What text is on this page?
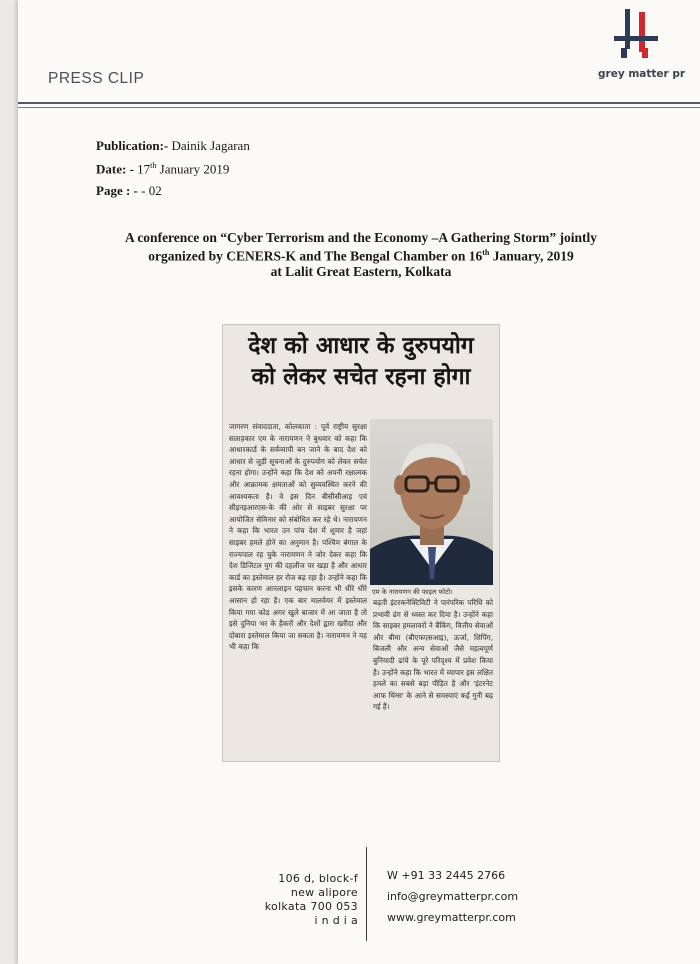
grey matter pr
PRESS CLIP
Publication:- Dainik Jagaran
Date: - 17th January 2019
Page : - - 02
A conference on “Cyber Terrorism and the Economy –A Gathering Storm” jointly
organized by CENERS-K and The Bengal Chamber on 16th January, 2019
at Lalit Great Eastern, Kolkata
देश को आधार के दुरुपयोग
को लेकर सचेत रहना होगा
जागरण संवाददाता, कोलकाता : पूर्व राष्ट्रीय सुरक्षा सलाहकार एम के नारायणन ने बुधवार को कहा कि आधारकार्ड के सर्वव्यापी बन जाने के बाद देश को आधार से जुड़ी सूचनाओं के दुरुपयोग को लेकर सचेत रहना होगा। उन्होंने कहा कि देश को अपनी रक्षात्मक और आक्रामक क्षमताओं को सुव्यवस्थित करने की आवश्यकता है। वे इस दिन बीसीसीआइ एवं सीइनइआरएस-के की ओर से साइबर सुरक्षा पर आयोजित सेमिनार को संबोधित कर रहे थे। नारायणन ने कहा कि भारत उन पांच देश में शुमार है जहां साइबर हमले होने का अनुमान है। पश्चिम बंगाल के राज्यपाल रह चुके नारायणन ने जोर देकर कहा कि देश डिजिटल युग की दहलीज पर खड़ा है और आधार कार्ड का इस्तेमाल हर रोज बढ़ रहा है। उन्होंने कहा कि इसके कारण आनलाइन पहचान करना भी धीरे धीरे आसान हो रहा है। एक बार मालवेयर में इस्तेमाल किया गया कोड अगर खुले बाजार में आ जाता है तो इसे दुनिया भर के हैकरों और देशों द्वारा खरीदा और दोबारा इस्तेमाल किया जा सकता है। नारायणन ने यह भी कहा कि
एम के नारायणन की फाइल फोटो।
बढ़ती इंटरकनेक्टिविटी ने पारंपरिक परिधि को प्रभावी ढंग से ध्वस्त कर दिया है। उन्होंने कहा कि साइबर हमलावरों ने बैंकिंग, वित्तीय सेवाओं और बीमा (बीएफएसआइ), ऊर्जा, शिपिंग, बिजली और अन्य सेवाओं जैसे महत्वपूर्ण बुनियादी ढांचे के पूरे परिदृश्य में प्रवेश किया है। उन्होंने कहा कि भारत में व्यापार इस लक्षित हमले का सबसे बड़ा पीड़ित है और 'इंटरनेट आफ थिंग्स' के आने से समस्याएं कई गुनी बढ़ गई हैं।
106 d, block-f
new alipore
kolkata 700 053
i n d i a
W +91 33 2445 2766
info@greymatterpr.com
www.greymatterpr.com
